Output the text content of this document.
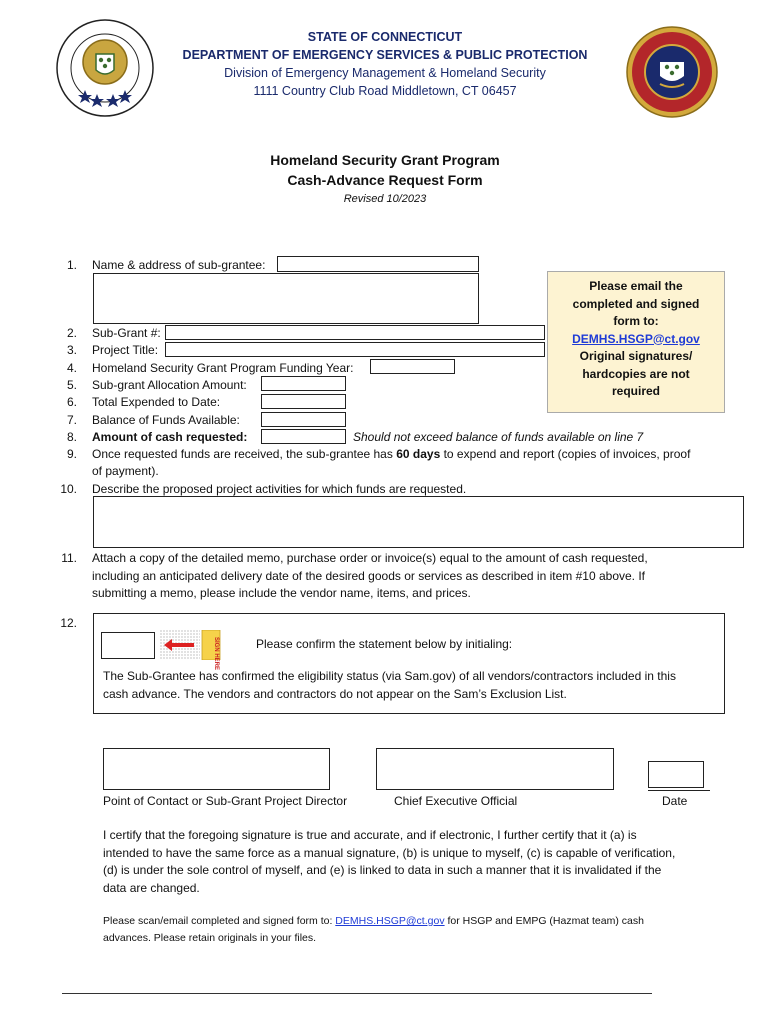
STATE OF CONNECTICUT
DEPARTMENT OF EMERGENCY SERVICES & PUBLIC PROTECTION
Division of Emergency Management & Homeland Security
1111 Country Club Road Middletown, CT 06457
Homeland Security Grant Program
Cash-Advance Request Form
Revised 10/2023
Please email the
completed and signed
form to:
DEMHS.HSGP@ct.gov
Original signatures/
hardcopies are not
required
1. Name & address of sub-grantee:
2. Sub-Grant #:
3. Project Title:
4. Homeland Security Grant Program Funding Year:
5. Sub-grant Allocation Amount:
6. Total Expended to Date:
7. Balance of Funds Available:
8. Amount of cash requested:	Should not exceed balance of funds available on line 7
9. Once requested funds are received, the sub-grantee has 60 days to expend and report (copies of invoices, proof
of payment).
10. Describe the proposed project activities for which funds are requested.
11. Attach a copy of the detailed memo, purchase order or invoice(s) equal to the amount of cash requested,
including an anticipated delivery date of the desired goods or services as described in item #10 above. If
submitting a memo, please include the vendor name, items, and prices.
12.
Please confirm the statement below by initialing:
The Sub-Grantee has confirmed the eligibility status (via Sam.gov) of all vendors/contractors included in this
cash advance. The vendors and contractors do not appear on the Sam’s Exclusion List.
Point of Contact or Sub-Grant Project Director	Chief Executive Official	Date
I certify that the foregoing signature is true and accurate, and if electronic, I further certify that it (a) is
intended to have the same force as a manual signature, (b) is unique to myself, (c) is capable of verification,
(d) is under the sole control of myself, and (e) is linked to data in such a manner that it is invalidated if the
data are changed.
Please scan/email completed and signed form to: DEMHS.HSGP@ct.gov for HSGP and EMPG (Hazmat team) cash
advances. Please retain originals in your files.
